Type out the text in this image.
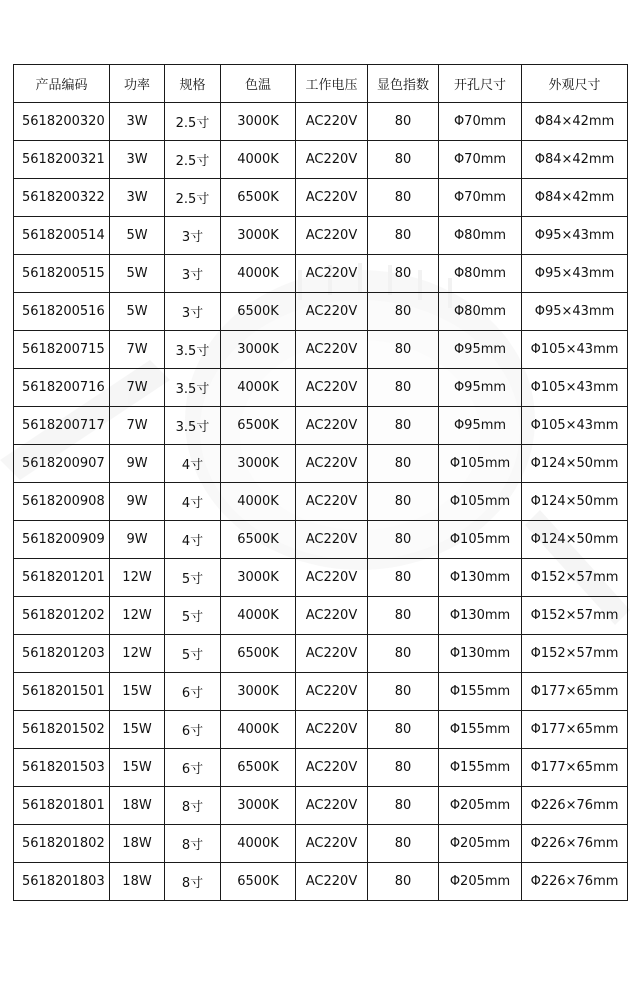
产品编码	功率	规格	色温	工作电压	显色指数	开孔尺寸	外观尺寸
5618200320	3W	2.5寸	3000K	AC220V	80	Φ70mm	Φ84×42mm
5618200321	3W	2.5寸	4000K	AC220V	80	Φ70mm	Φ84×42mm
5618200322	3W	2.5寸	6500K	AC220V	80	Φ70mm	Φ84×42mm
5618200514	5W	3寸	3000K	AC220V	80	Φ80mm	Φ95×43mm
5618200515	5W	3寸	4000K	AC220V	80	Φ80mm	Φ95×43mm
5618200516	5W	3寸	6500K	AC220V	80	Φ80mm	Φ95×43mm
5618200715	7W	3.5寸	3000K	AC220V	80	Φ95mm	Φ105×43mm
5618200716	7W	3.5寸	4000K	AC220V	80	Φ95mm	Φ105×43mm
5618200717	7W	3.5寸	6500K	AC220V	80	Φ95mm	Φ105×43mm
5618200907	9W	4寸	3000K	AC220V	80	Φ105mm	Φ124×50mm
5618200908	9W	4寸	4000K	AC220V	80	Φ105mm	Φ124×50mm
5618200909	9W	4寸	6500K	AC220V	80	Φ105mm	Φ124×50mm
5618201201	12W	5寸	3000K	AC220V	80	Φ130mm	Φ152×57mm
5618201202	12W	5寸	4000K	AC220V	80	Φ130mm	Φ152×57mm
5618201203	12W	5寸	6500K	AC220V	80	Φ130mm	Φ152×57mm
5618201501	15W	6寸	3000K	AC220V	80	Φ155mm	Φ177×65mm
5618201502	15W	6寸	4000K	AC220V	80	Φ155mm	Φ177×65mm
5618201503	15W	6寸	6500K	AC220V	80	Φ155mm	Φ177×65mm
5618201801	18W	8寸	3000K	AC220V	80	Φ205mm	Φ226×76mm
5618201802	18W	8寸	4000K	AC220V	80	Φ205mm	Φ226×76mm
5618201803	18W	8寸	6500K	AC220V	80	Φ205mm	Φ226×76mm
